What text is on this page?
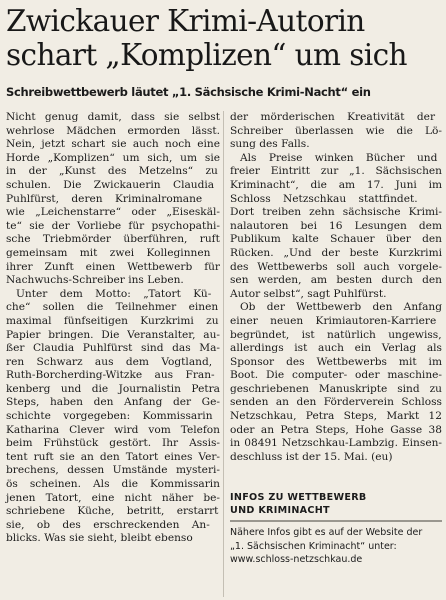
Zwickauer Krimi-Autorin
schart „Komplizen“ um sich
Schreibwettbewerb läutet „1. Sächsische Krimi-Nacht“ ein

Nicht genug damit, dass sie selbst
wehrlose Mädchen ermorden lässt.
Nein, jetzt schart sie auch noch eine
Horde „Komplizen“ um sich, um sie
in der „Kunst des Metzelns“ zu
schulen. Die Zwickauerin Claudia
Puhlfürst, deren Kriminalromane
wie „Leichenstarre“ oder „Eiseskäl-
te“ sie der Vorliebe für psychopathi-
sche Triebmörder überführen, ruft
gemeinsam mit zwei Kolleginnen
ihrer Zunft einen Wettbewerb für
Nachwuchs-Schreiber ins Leben.

Unter dem Motto: „Tatort Kü-
che“ sollen die Teilnehmer einen
maximal fünfseitigen Kurzkrimi zu
Papier bringen. Die Veranstalter, au-
ßer Claudia Puhlfürst sind das Ma-
ren Schwarz aus dem Vogtland,
Ruth-Borcherding-Witzke aus Fran-
kenberg und die Journalistin Petra
Steps, haben den Anfang der Ge-
schichte vorgegeben: Kommissarin
Katharina Clever wird vom Telefon
beim Frühstück gestört. Ihr Assis-
tent ruft sie an den Tatort eines Ver-
brechens, dessen Umstände mysteri-
ös scheinen. Als die Kommissarin
jenen Tatort, eine nicht näher be-
schriebene Küche, betritt, erstarrt
sie, ob des erschreckenden An-
blicks. Was sie sieht, bleibt ebenso

der mörderischen Kreativität der
Schreiber überlassen wie die Lö-
sung des Falls.

Als Preise winken Bücher und
freier Eintritt zur „1. Sächsischen
Kriminacht“, die am 17. Juni im
Schloss Netzschkau stattfindet.
Dort treiben zehn sächsische Krimi-
nalautoren bei 16 Lesungen dem
Publikum kalte Schauer über den
Rücken. „Und der beste Kurzkrimi
des Wettbewerbs soll auch vorgele-
sen werden, am besten durch den
Autor selbst“, sagt Puhlfürst.

Ob der Wettbewerb den Anfang
einer neuen Krimiautoren-Karriere
begründet, ist natürlich ungewiss,
allerdings ist auch ein Verlag als
Sponsor des Wettbewerbs mit im
Boot. Die computer- oder maschine-
geschriebenen Manuskripte sind zu
senden an den Förderverein Schloss
Netzschkau, Petra Steps, Markt 12
oder an Petra Steps, Hohe Gasse 38
in 08491 Netzschkau-Lambzig. Einsen-
deschluss ist der 15. Mai. (eu)

INFOS ZU WETTBEWERB
UND KRIMINACHT
Nähere Infos gibt es auf der Website der
„1. Sächsischen Kriminacht“ unter:
www.schloss-netzschkau.de
